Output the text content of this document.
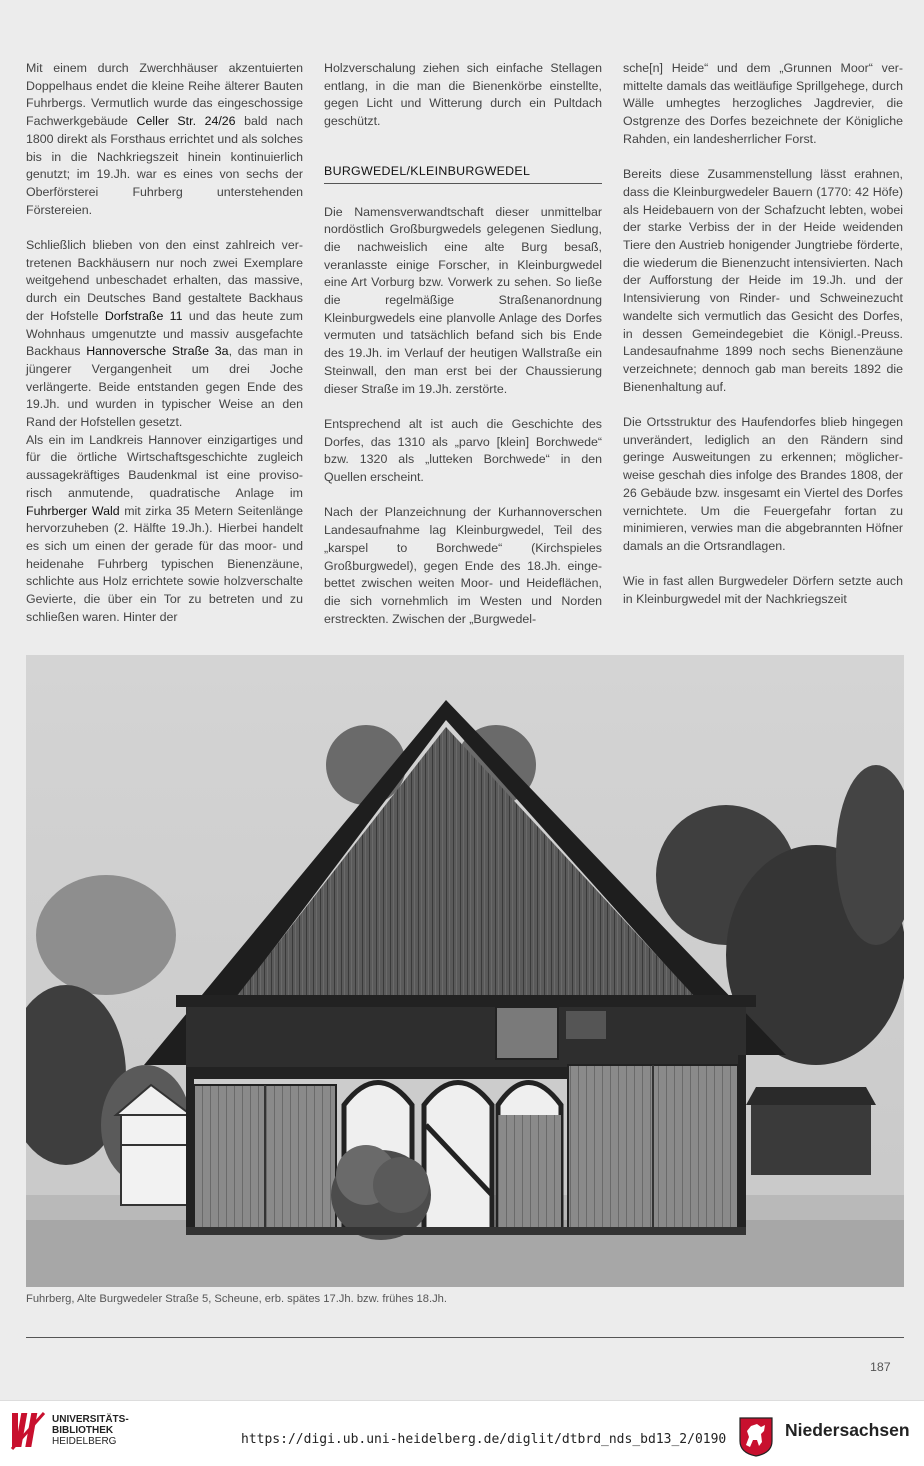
Mit einem durch Zwerchhäuser akzentuierten Doppelhaus endet die kleine Reihe älterer Bauten Fuhrbergs. Vermutlich wurde das eingeschossige Fachwerkgebäude Celler Str. 24/26 bald nach 1800 direkt als Forsthaus errichtet und als solches bis in die Nachkriegszeit hinein kontinuierlich genutzt; im 19.Jh. war es eines von sechs der Oberförsterei Fuhrberg unterstehenden Förstereien.

Schließlich blieben von den einst zahlreich vertretenen Backhäusern nur noch zwei Exemplare weitgehend unbeschadet erhalten, das massive, durch ein Deutsches Band gestaltete Backhaus der Hofstelle Dorfstraße 11 und das heute zum Wohnhaus umgenutzte und massiv ausgefachte Backhaus Hannoversche Straße 3a, das man in jüngerer Vergangenheit um drei Joche verlängerte. Beide entstanden gegen Ende des 19.Jh. und wurden in typischer Weise an den Rand der Hofstellen gesetzt.

Als ein im Landkreis Hannover einzigartiges und für die örtliche Wirtschaftsgeschichte zugleich aussagekräftiges Baudenkmal ist eine provisorisch anmutende, quadratische Anlage im Fuhrberger Wald mit zirka 35 Metern Seitenlänge hervorzuheben (2. Hälfte 19.Jh.). Hierbei handelt es sich um einen der gerade für das moor- und heidenahe Fuhrberg typischen Bienenzäune, schlichte aus Holz errichtete sowie holzverschalte Gevierte, die über ein Tor zu betreten und zu schließen waren. Hinter der

Holzverschalung ziehen sich einfache Stellagen entlang, in die man die Bienenkörbe einstellte, gegen Licht und Witterung durch ein Pultdach geschützt.

BURGWEDEL/KLEINBURGWEDEL

Die Namensverwandtschaft dieser unmittelbar nordöstlich Großburgwedels gelegenen Siedlung, die nachweislich eine alte Burg besaß, veranlasste einige Forscher, in Kleinburgwedel eine Art Vorburg bzw. Vorwerk zu sehen. So ließe die regelmäßige Straßenanordnung Kleinburgwedels eine planvolle Anlage des Dorfes vermuten und tatsächlich befand sich bis Ende des 19.Jh. im Verlauf der heutigen Wallstraße ein Steinwall, den man erst bei der Chaussierung dieser Straße im 19.Jh. zerstörte.

Entsprechend alt ist auch die Geschichte des Dorfes, das 1310 als „parvo [klein] Borchwede“ bzw. 1320 als „lutteken Borchwede“ in den Quellen erscheint.

Nach der Planzeichnung der Kurhannoverschen Landesaufnahme lag Kleinburgwedel, Teil des „karspel to Borchwede“ (Kirchspieles Großburgwedel), gegen Ende des 18.Jh. eingebettet zwischen weiten Moor- und Heideflächen, die sich vornehmlich im Westen und Norden erstreckten. Zwischen der „Burgwedel-

sche[n] Heide“ und dem „Grunnen Moor“ vermittelte damals das weitläufige Sprillgehege, durch Wälle umhegtes herzogliches Jagdrevier, die Ostgrenze des Dorfes bezeichnete der Königliche Rahden, ein landesherrlicher Forst.

Bereits diese Zusammenstellung lässt erahnen, dass die Kleinburgwedeler Bauern (1770: 42 Höfe) als Heidebauern von der Schafzucht lebten, wobei der starke Verbiss der in der Heide weidenden Tiere den Austrieb honigender Jungtriebe förderte, die wiederum die Bienenzucht intensivierten. Nach der Aufforstung der Heide im 19.Jh. und der Intensivierung von Rinder- und Schweinezucht wandelte sich vermutlich das Gesicht des Dorfes, in dessen Gemeindegebiet die Königl.-Preuss. Landesaufnahme 1899 noch sechs Bienenzäune verzeichnete; dennoch gab man bereits 1892 die Bienenhaltung auf.

Die Ortsstruktur des Haufendorfes blieb hingegen unverändert, lediglich an den Rändern sind geringe Ausweitungen zu erkennen; möglicherweise geschah dies infolge des Brandes 1808, der 26 Gebäude bzw. insgesamt ein Viertel des Dorfes vernichtete. Um die Feuergefahr fortan zu minimieren, verwies man die abgebrannten Höfner damals an die Ortsrandlagen.

Wie in fast allen Burgwedeler Dörfern setzte auch in Kleinburgwedel mit der Nachkriegszeit

Fuhrberg, Alte Burgwedeler Straße 5, Scheune, erb. spätes 17.Jh. bzw. frühes 18.Jh.
187
UNIVERSITÄTS-
BIBLIOTHEK
HEIDELBERG	https://digi.ub.uni-heidelberg.de/diglit/dtbrd_nds_bd13_2/0190	Niedersachsen
